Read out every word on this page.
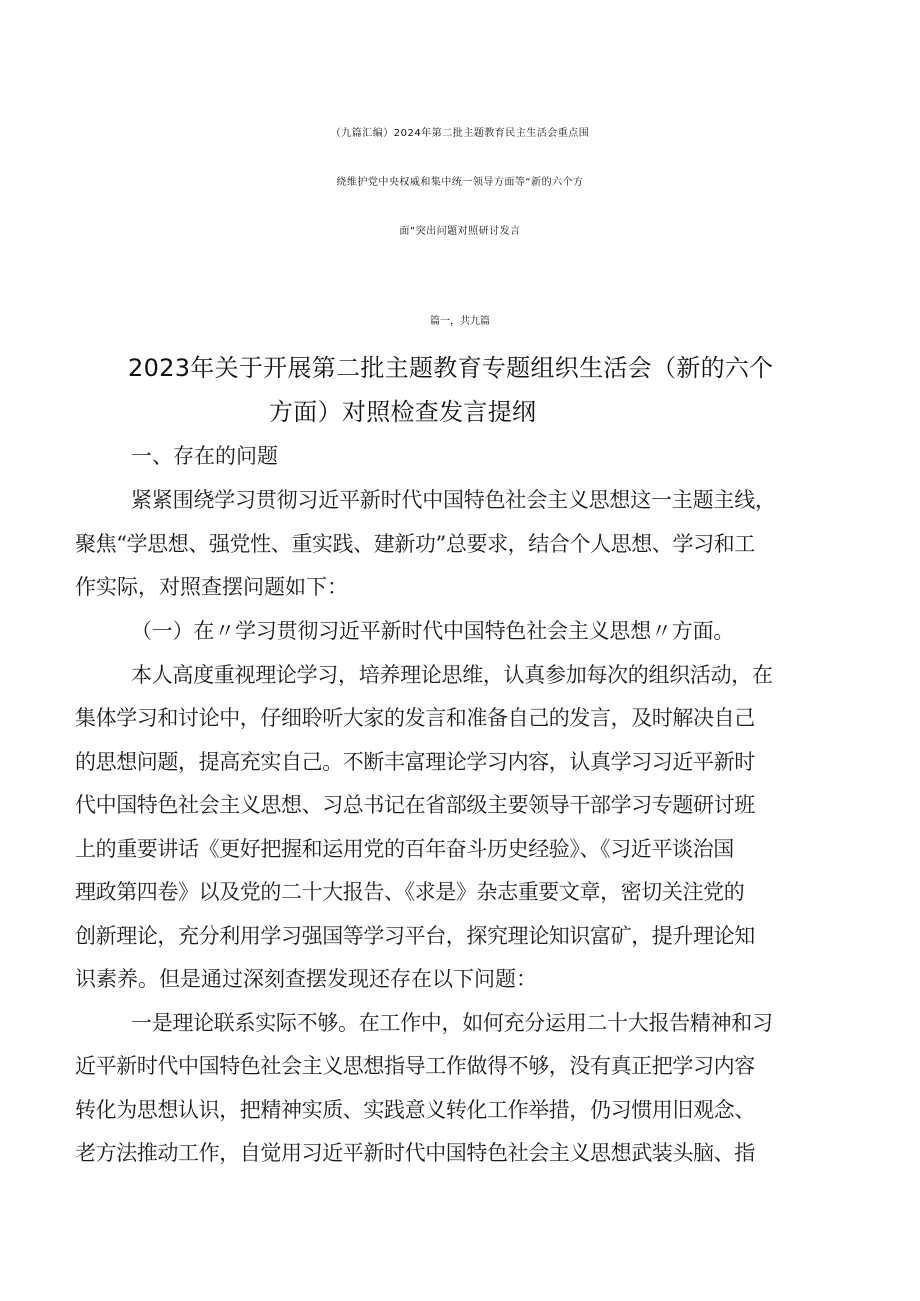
（九篇汇编）2024年第二批主题教育民主生活会重点围
绕维护党中央权威和集中统一领导方面等“新的六个方
面”突出问题对照研讨发言
篇一，共九篇
2023年关于开展第二批主题教育专题组织生活会（新的六个
方面）对照检查发言提纲
一、存在的问题
紧紧围绕学习贯彻习近平新时代中国特色社会主义思想这一主题主线，
聚焦“学思想、强党性、重实践、建新功”总要求，结合个人思想、学习和工
作实际，对照查摆问题如下：
（一）在〃学习贯彻习近平新时代中国特色社会主义思想〃方面。
本人高度重视理论学习，培养理论思维，认真参加每次的组织活动，在
集体学习和讨论中，仔细聆听大家的发言和准备自己的发言，及时解决自己
的思想问题，提高充实自己。不断丰富理论学习内容，认真学习习近平新时
代中国特色社会主义思想、习总书记在省部级主要领导干部学习专题研讨班
上的重要讲话《更好把握和运用党的百年奋斗历史经验》、《习近平谈治国
理政第四卷》以及党的二十大报告、《求是》杂志重要文章，密切关注党的
创新理论，充分利用学习强国等学习平台，探究理论知识富矿，提升理论知
识素养。但是通过深刻查摆发现还存在以下问题：
一是理论联系实际不够。在工作中，如何充分运用二十大报告精神和习
近平新时代中国特色社会主义思想指导工作做得不够，没有真正把学习内容
转化为思想认识，把精神实质、实践意义转化工作举措，仍习惯用旧观念、
老方法推动工作，自觉用习近平新时代中国特色社会主义思想武装头脑、指
